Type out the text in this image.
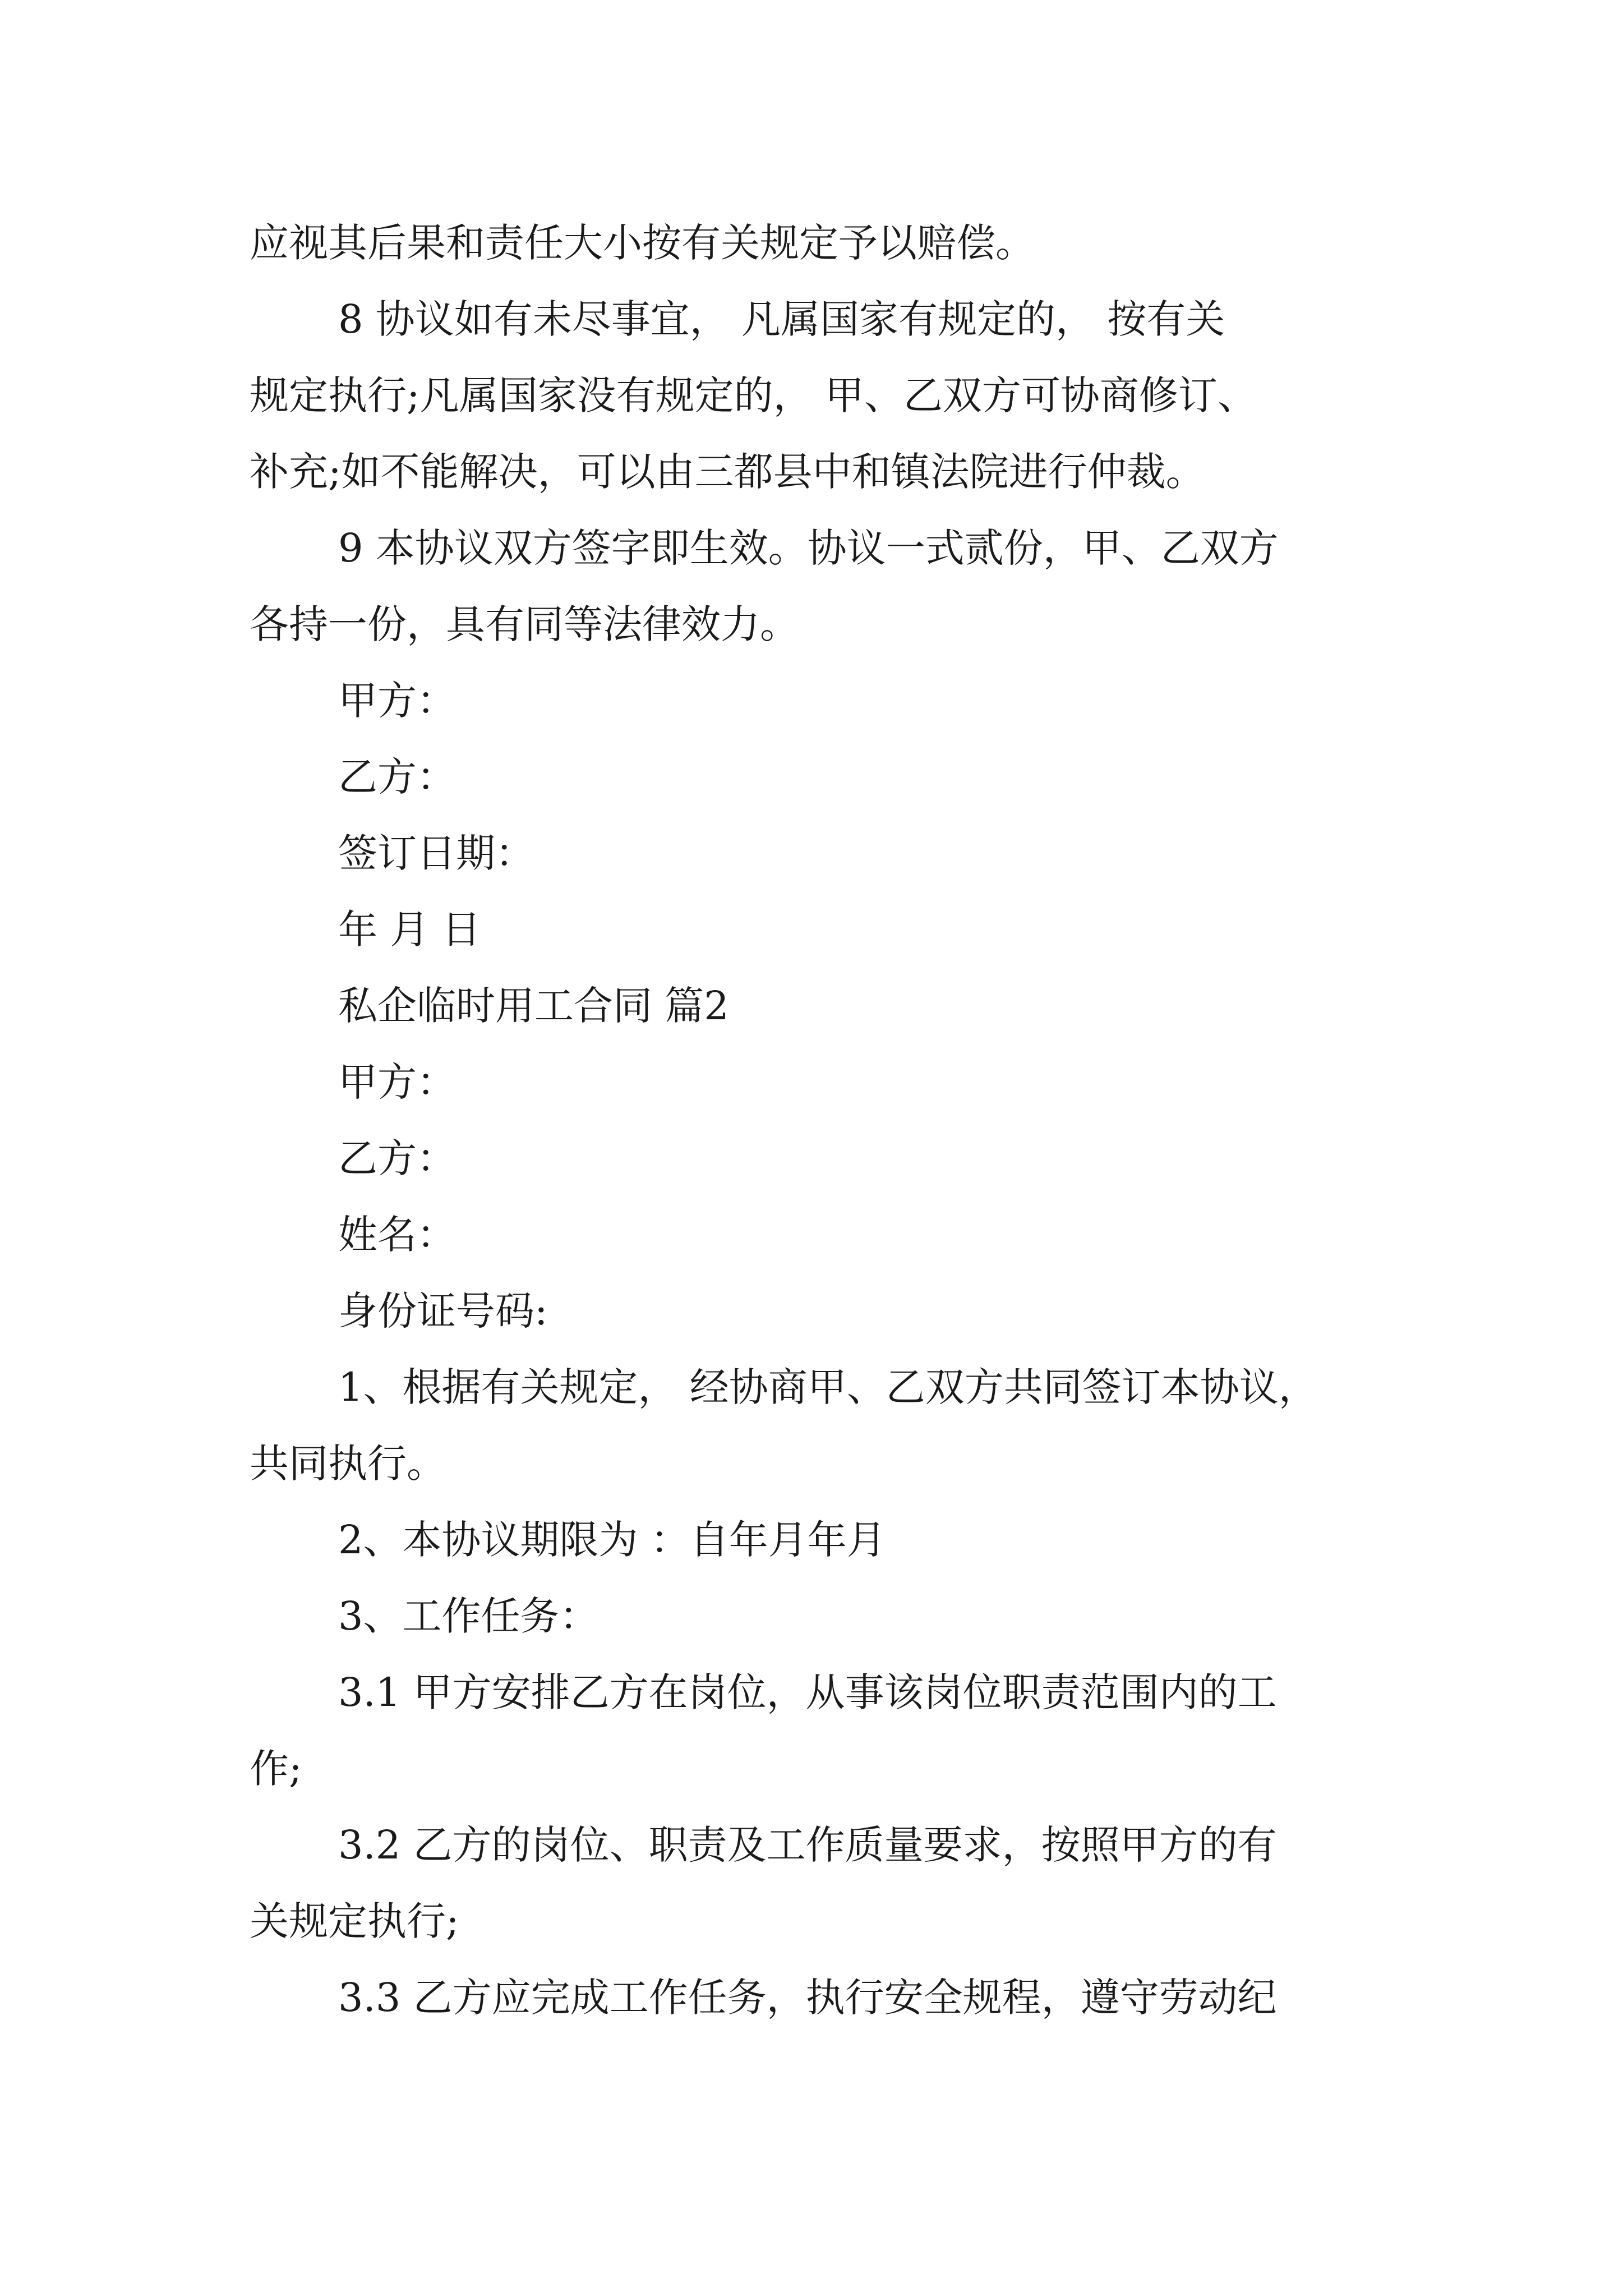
应视其后果和责任大小按有关规定予以赔偿。
8 协议如有未尽事宜， 凡属国家有规定的， 按有关
规定执行;凡属国家没有规定的， 甲、乙双方可协商修订、
补充;如不能解决，可以由三都县中和镇法院进行仲裁。
9 本协议双方签字即生效。协议一式贰份，甲、乙双方
各持一份，具有同等法律效力。
甲方：
乙方：
签订日期：
年 月 日
私企临时用工合同 篇2
甲方：
乙方：
姓名：
身份证号码:
1、根据有关规定， 经协商甲、乙双方共同签订本协议，
共同执行。
2、本协议期限为 ：自年月年月
3、工作任务：
3.1 甲方安排乙方在岗位，从事该岗位职责范围内的工
作;
3.2 乙方的岗位、职责及工作质量要求，按照甲方的有
关规定执行;
3.3 乙方应完成工作任务，执行安全规程，遵守劳动纪
